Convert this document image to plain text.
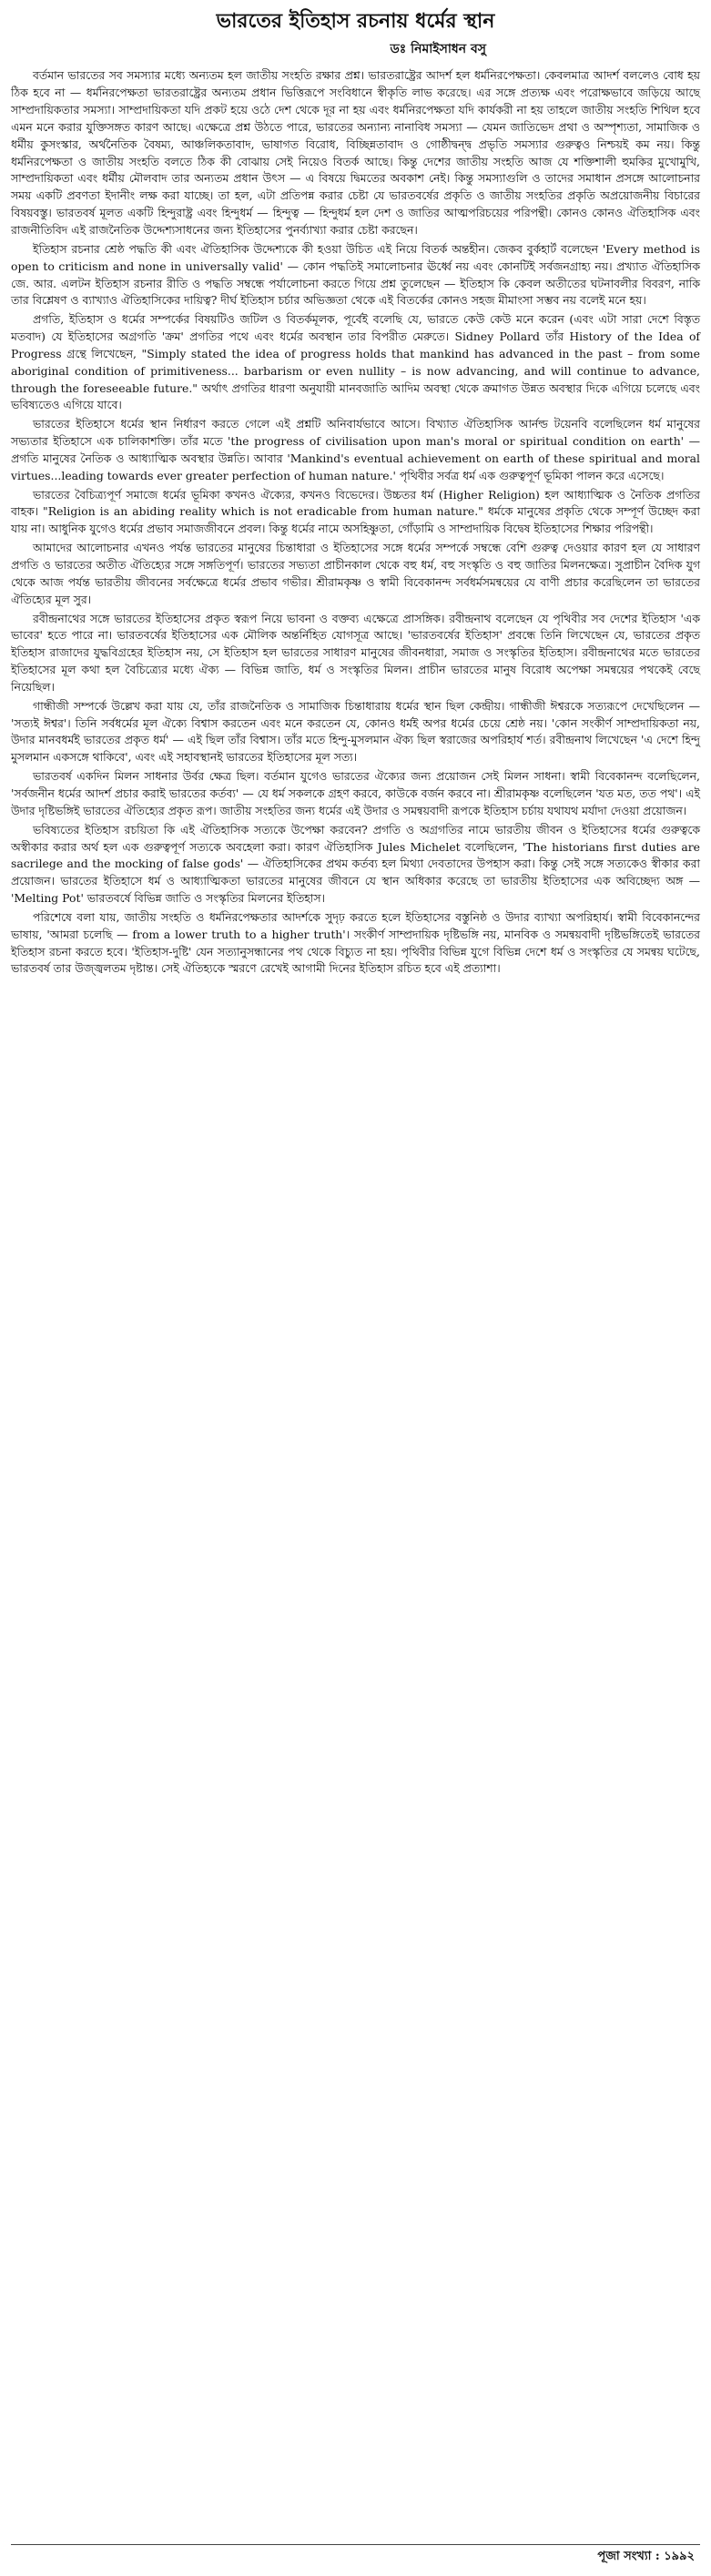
ভারতের ইতিহাস রচনায় ধর্মের স্থান
ডঃ নিমাইসাধন বসু

বর্তমান ভারতের সব সমস্যার মধ্যে অন্যতম হল জাতীয় সংহতি রক্ষার প্রশ্ন। ভারতরাষ্ট্রের আদর্শ হল ধর্মনিরপেক্ষতা। কেবলমাত্র আদর্শ বললেও বোধ হয় ঠিক হবে না — ধর্মনিরপেক্ষতা ভারতরাষ্ট্রের অন্যতম প্রধান ভিত্তিরূপে সংবিধানে স্বীকৃতি লাভ করেছে। এর সঙ্গে প্রত্যক্ষ এবং পরোক্ষভাবে জড়িয়ে আছে সাম্প্রদায়িকতার সমস্যা। সাম্প্রদায়িকতা যদি প্রকট হয়ে ওঠে দেশ থেকে দূর না হয় এবং ধর্মনিরপেক্ষতা যদি কার্যকরী না হয় তাহলে জাতীয় সংহতি শিথিল হবে এমন মনে করার যুক্তিসঙ্গত কারণ আছে। এক্ষেত্রে প্রশ্ন উঠতে পারে, ভারতের অন্যান্য নানাবিধ সমস্যা — যেমন জাতিভেদ প্রথা ও অস্পৃশ্যতা, সামাজিক ও ধর্মীয় কুসংস্কার, অর্থনৈতিক বৈষম্য, আঞ্চলিকতাবাদ, ভাষাগত বিরোধ, বিচ্ছিন্নতাবাদ ও গোষ্ঠীদ্বন্দ্ব প্রভৃতি সমস্যার গুরুত্বও নিশ্চয়ই কম নয়। কিন্তু ধর্মনিরপেক্ষতা ও জাতীয় সংহতি বলতে ঠিক কী বোঝায় সেই নিয়েও বিতর্ক আছে। কিন্তু দেশের জাতীয় সংহতি আজ যে শক্তিশালী হুমকির মুখোমুখি, সাম্প্রদায়িকতা এবং ধর্মীয় মৌলবাদ তার অন্যতম প্রধান উৎস — এ বিষয়ে দ্বিমতের অবকাশ নেই। কিন্তু সমস্যাগুলি ও তাদের সমাধান প্রসঙ্গে আলোচনার সময় একটি প্রবণতা ইদানীং লক্ষ করা যাচ্ছে। তা হল, এটা প্রতিপন্ন করার চেষ্টা যে ভারতবর্ষের প্রকৃতি ও জাতীয় সংহতির প্রকৃতি অপ্রয়োজনীয় বিচারের বিষয়বস্তু। ভারতবর্ষ মূলত একটি হিন্দুরাষ্ট্র এবং হিন্দুধর্ম — হিন্দুত্ব — হিন্দুধর্ম হল দেশ ও জাতির আত্মপরিচয়ের পরিপন্থী। কোনও কোনও ঐতিহাসিক এবং রাজনীতিবিদ এই রাজনৈতিক উদ্দেশ্যসাধনের জন্য ইতিহাসের পুনর্ব্যাখ্যা করার চেষ্টা করছেন।

ইতিহাস রচনার শ্রেষ্ঠ পদ্ধতি কী এবং ঐতিহাসিক উদ্দেশ্যকে কী হওয়া উচিত এই নিয়ে বিতর্ক অন্তহীন। জেকব বুর্কহার্ট বলেছেন 'Every method is open to criticism and none in universally valid' — কোন পদ্ধতিই সমালোচনার ঊর্ধ্বে নয় এবং কোনটিই সর্বজনগ্রাহ্য নয়। প্রখ্যাত ঐতিহাসিক জে. আর. এলটন ইতিহাস রচনার রীতি ও পদ্ধতি সম্বন্ধে পর্যালোচনা করতে গিয়ে প্রশ্ন তুলেছেন — ইতিহাস কি কেবল অতীতের ঘটনাবলীর বিবরণ, নাকি তার বিশ্লেষণ ও ব্যাখ্যাও ঐতিহাসিকের দায়িত্ব? দীর্ঘ ইতিহাস চর্চার অভিজ্ঞতা থেকে এই বিতর্কের কোনও সহজ মীমাংসা সম্ভব নয় বলেই মনে হয়।

প্রগতি, ইতিহাস ও ধর্মের সম্পর্কের বিষয়টিও জটিল ও বিতর্কমূলক, পূর্বেই বলেছি যে, ভারতে কেউ কেউ মনে করেন (এবং এটা সারা দেশে বিস্তৃত মতবাদ) যে ইতিহাসের অগ্রগতি 'ক্রম' প্রগতির পথে এবং ধর্মের অবস্থান তার বিপরীত মেরুতে। Sidney Pollard তাঁর History of the Idea of Progress গ্রন্থে লিখেছেন, "Simply stated the idea of progress holds that mankind has advanced in the past – from some aboriginal condition of primitiveness... barbarism or even nullity – is now advancing, and will continue to advance, through the foreseeable future." অর্থাৎ প্রগতির ধারণা অনুযায়ী মানবজাতি আদিম অবস্থা থেকে ক্রমাগত উন্নত অবস্থার দিকে এগিয়ে চলেছে এবং ভবিষ্যতেও এগিয়ে যাবে।

ভারতের ইতিহাসে ধর্মের স্থান নির্ধারণ করতে গেলে এই প্রশ্নটি অনিবার্যভাবে আসে। বিখ্যাত ঐতিহাসিক আর্নল্ড টয়েনবি বলেছিলেন ধর্ম মানুষের সভ্যতার ইতিহাসে এক চালিকাশক্তি। তাঁর মতে 'the progress of civilisation upon man's moral or spiritual condition on earth' — প্রগতি মানুষের নৈতিক ও আধ্যাত্মিক অবস্থার উন্নতি। আবার 'Mankind's eventual achievement on earth of these spiritual and moral virtues...leading towards ever greater perfection of human nature.' পৃথিবীর সর্বত্র ধর্ম এক গুরুত্বপূর্ণ ভূমিকা পালন করে এসেছে।

ভারতের বৈচিত্র্যপূর্ণ সমাজে ধর্মের ভূমিকা কখনও ঐক্যের, কখনও বিভেদের। উচ্চতর ধর্ম (Higher Religion) হল আধ্যাত্মিক ও নৈতিক প্রগতির বাহক। "Religion is an abiding reality which is not eradicable from human nature." ধর্মকে মানুষের প্রকৃতি থেকে সম্পূর্ণ উচ্ছেদ করা যায় না। আধুনিক যুগেও ধর্মের প্রভাব সমাজজীবনে প্রবল। কিন্তু ধর্মের নামে অসহিষ্ণুতা, গোঁড়ামি ও সাম্প্রদায়িক বিদ্বেষ ইতিহাসের শিক্ষার পরিপন্থী।

আমাদের আলোচনার এখনও পর্যন্ত ভারতের মানুষের চিন্তাধারা ও ইতিহাসের সঙ্গে ধর্মের সম্পর্কে সম্বন্ধে বেশি গুরুত্ব দেওয়ার কারণ হল যে সাধারণ প্রগতি ও ভারতের অতীত ঐতিহ্যের সঙ্গে সঙ্গতিপূর্ণ। ভারতের সভ্যতা প্রাচীনকাল থেকে বহু ধর্ম, বহু সংস্কৃতি ও বহু জাতির মিলনক্ষেত্র। সুপ্রাচীন বৈদিক যুগ থেকে আজ পর্যন্ত ভারতীয় জীবনের সর্বক্ষেত্রে ধর্মের প্রভাব গভীর। শ্রীরামকৃষ্ণ ও স্বামী বিবেকানন্দ সর্বধর্মসমন্বয়ের যে বাণী প্রচার করেছিলেন তা ভারতের ঐতিহ্যের মূল সুর।

রবীন্দ্রনাথের সঙ্গে ভারতের ইতিহাসের প্রকৃত স্বরূপ নিয়ে ভাবনা ও বক্তব্য এক্ষেত্রে প্রাসঙ্গিক। রবীন্দ্রনাথ বলেছেন যে পৃথিবীর সব দেশের ইতিহাস 'এক ভাবের' হতে পারে না। ভারতবর্ষের ইতিহাসের এক মৌলিক অন্তর্নিহিত যোগসূত্র আছে। 'ভারতবর্ষের ইতিহাস' প্রবন্ধে তিনি লিখেছেন যে, ভারতের প্রকৃত ইতিহাস রাজাদের যুদ্ধবিগ্রহের ইতিহাস নয়, সে ইতিহাস হল ভারতের সাধারণ মানুষের জীবনধারা, সমাজ ও সংস্কৃতির ইতিহাস। রবীন্দ্রনাথের মতে ভারতের ইতিহাসের মূল কথা হল বৈচিত্র্যের মধ্যে ঐক্য — বিভিন্ন জাতি, ধর্ম ও সংস্কৃতির মিলন। প্রাচীন ভারতের মানুষ বিরোধ অপেক্ষা সমন্বয়ের পথকেই বেছে নিয়েছিল।

গান্ধীজী সম্পর্কে উল্লেখ করা যায় যে, তাঁর রাজনৈতিক ও সামাজিক চিন্তাধারায় ধর্মের স্থান ছিল কেন্দ্রীয়। গান্ধীজী ঈশ্বরকে সত্যরূপে দেখেছিলেন — 'সত্যই ঈশ্বর'। তিনি সর্বধর্মের মূল ঐক্যে বিশ্বাস করতেন এবং মনে করতেন যে, কোনও ধর্মই অপর ধর্মের চেয়ে শ্রেষ্ঠ নয়। 'কোন সংকীর্ণ সাম্প্রদায়িকতা নয়, উদার মানবধর্মই ভারতের প্রকৃত ধর্ম' — এই ছিল তাঁর বিশ্বাস। তাঁর মতে হিন্দু-মুসলমান ঐক্য ছিল স্বরাজের অপরিহার্য শর্ত। রবীন্দ্রনাথ লিখেছেন 'এ দেশে হিন্দু মুসলমান একসঙ্গে থাকিবে', এবং এই সহাবস্থানই ভারতের ইতিহাসের মূল সত্য।

ভারতবর্ষ একদিন মিলন সাধনার উর্বর ক্ষেত্র ছিল। বর্তমান যুগেও ভারতের ঐক্যের জন্য প্রয়োজন সেই মিলন সাধনা। স্বামী বিবেকানন্দ বলেছিলেন, 'সর্বজনীন ধর্মের আদর্শ প্রচার করাই ভারতের কর্তব্য' — যে ধর্ম সকলকে গ্রহণ করবে, কাউকে বর্জন করবে না। শ্রীরামকৃষ্ণ বলেছিলেন 'যত মত, তত পথ'। এই উদার দৃষ্টিভঙ্গিই ভারতের ঐতিহ্যের প্রকৃত রূপ। জাতীয় সংহতির জন্য ধর্মের এই উদার ও সমন্বয়বাদী রূপকে ইতিহাস চর্চায় যথাযথ মর্যাদা দেওয়া প্রয়োজন।

ভবিষ্যতের ইতিহাস রচয়িতা কি এই ঐতিহাসিক সত্যকে উপেক্ষা করবেন? প্রগতি ও অগ্রগতির নামে ভারতীয় জীবন ও ইতিহাসের ধর্মের গুরুত্বকে অস্বীকার করার অর্থ হল এক গুরুত্বপূর্ণ সত্যকে অবহেলা করা। কারণ ঐতিহাসিক Jules Michelet বলেছিলেন, 'The historians first duties are sacrilege and the mocking of false gods' — ঐতিহাসিকের প্রথম কর্তব্য হল মিথ্যা দেবতাদের উপহাস করা। কিন্তু সেই সঙ্গে সত্যকেও স্বীকার করা প্রয়োজন। ভারতের ইতিহাসে ধর্ম ও আধ্যাত্মিকতা ভারতের মানুষের জীবনে যে স্থান অধিকার করেছে তা ভারতীয় ইতিহাসের এক অবিচ্ছেদ্য অঙ্গ — 'Melting Pot' ভারতবর্ষে বিভিন্ন জাতি ও সংস্কৃতির মিলনের ইতিহাস।

পরিশেষে বলা যায়, জাতীয় সংহতি ও ধর্মনিরপেক্ষতার আদর্শকে সুদৃঢ় করতে হলে ইতিহাসের বস্তুনিষ্ঠ ও উদার ব্যাখ্যা অপরিহার্য। স্বামী বিবেকানন্দের ভাষায়, 'আমরা চলেছি — from a lower truth to a higher truth'। সংকীর্ণ সাম্প্রদায়িক দৃষ্টিভঙ্গি নয়, মানবিক ও সমন্বয়বাদী দৃষ্টিভঙ্গিতেই ভারতের ইতিহাস রচনা করতে হবে। 'ইতিহাস-দুষ্টি' যেন সত্যানুসন্ধানের পথ থেকে বিচ্যুত না হয়। পৃথিবীর বিভিন্ন যুগে বিভিন্ন দেশে ধর্ম ও সংস্কৃতির যে সমন্বয় ঘটেছে, ভারতবর্ষ তার উজ্জ্বলতম দৃষ্টান্ত। সেই ঐতিহ্যকে স্মরণে রেখেই আগামী দিনের ইতিহাস রচিত হবে এই প্রত্যাশা।

পূজা সংখ্যা : ১৯৯২
